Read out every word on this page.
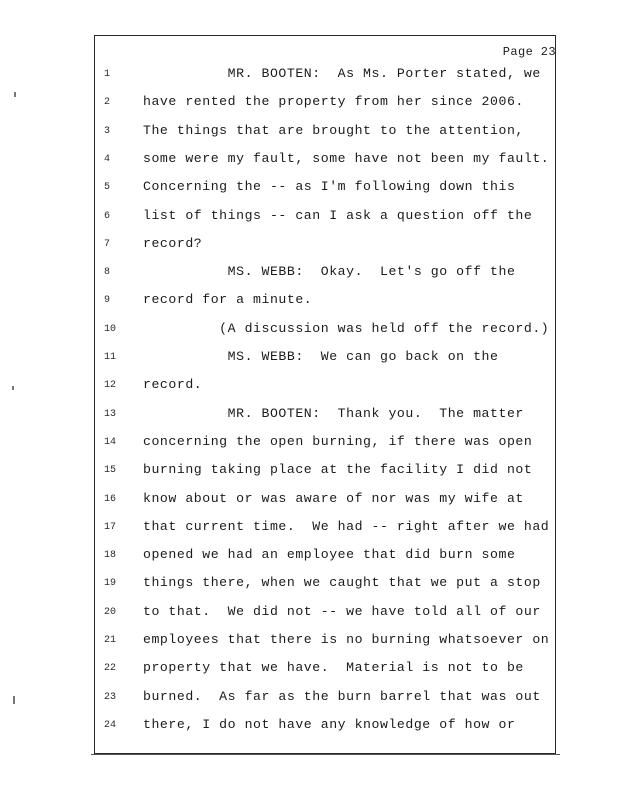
Page 23
1	MR. BOOTEN:  As Ms. Porter stated, we
2	have rented the property from her since 2006.
3	The things that are brought to the attention,
4	some were my fault, some have not been my fault.
5	Concerning the -- as I'm following down this
6	list of things -- can I ask a question off the
7	record?
8	MS. WEBB:  Okay.  Let's go off the
9	record for a minute.
10	(A discussion was held off the record.)
11	MS. WEBB:  We can go back on the
12	record.
13	MR. BOOTEN:  Thank you.  The matter
14	concerning the open burning, if there was open
15	burning taking place at the facility I did not
16	know about or was aware of nor was my wife at
17	that current time.  We had -- right after we had
18	opened we had an employee that did burn some
19	things there, when we caught that we put a stop
20	to that.  We did not -- we have told all of our
21	employees that there is no burning whatsoever on
22	property that we have.  Material is not to be
23	burned.  As far as the burn barrel that was out
24	there, I do not have any knowledge of how or
